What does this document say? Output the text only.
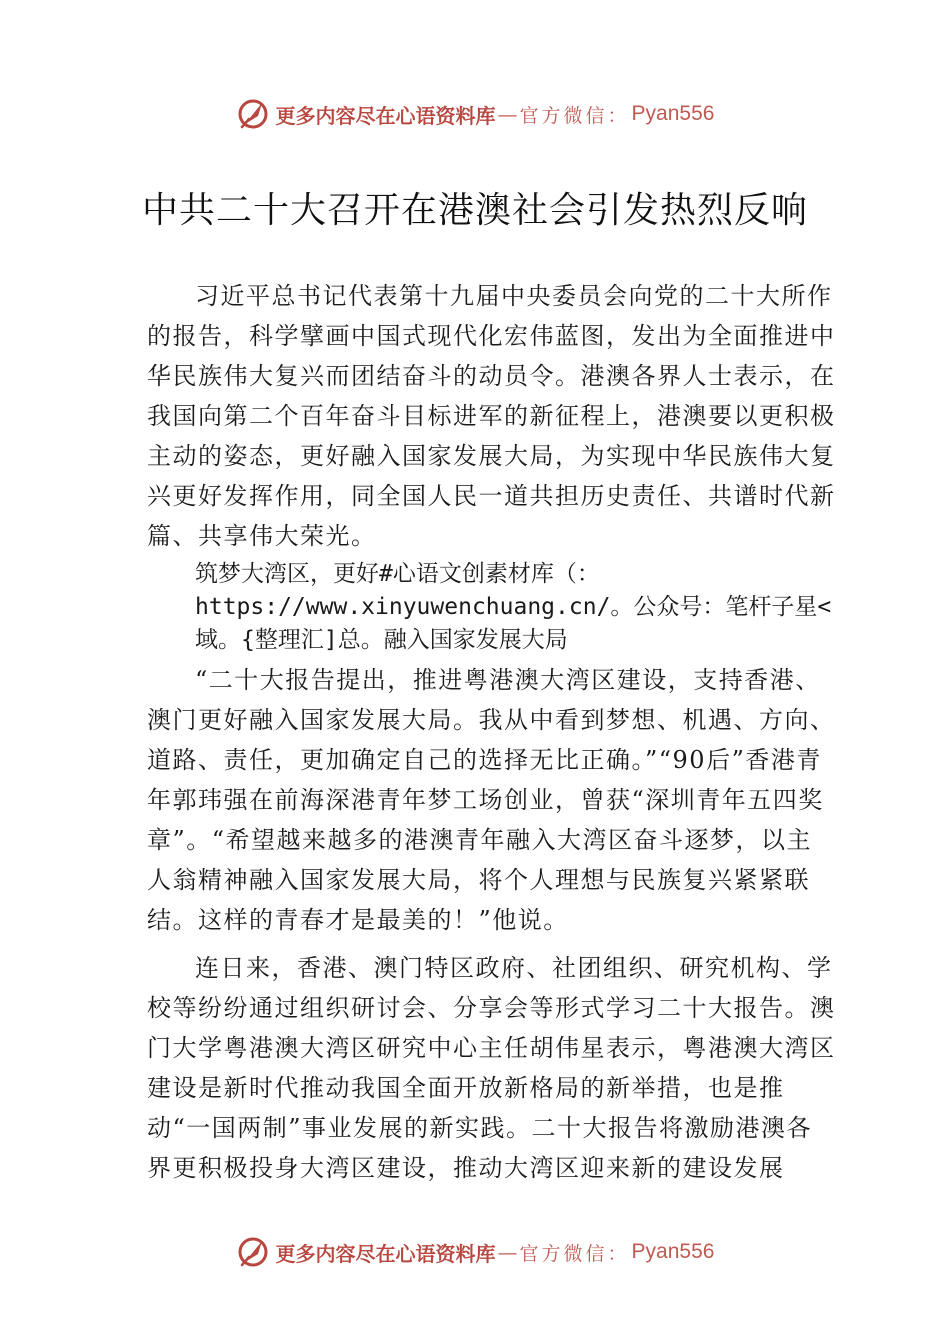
更多内容尽在心语资料库 — 官方微信： Pyan556
中共二十大召开在港澳社会引发热烈反响

习近平总书记代表第十九届中央委员会向党的二十大所作的报告，科学擘画中国式现代化宏伟蓝图，发出为全面推进中华民族伟大复兴而团结奋斗的动员令。港澳各界人士表示，在我国向第二个百年奋斗目标进军的新征程上，港澳要以更积极主动的姿态，更好融入国家发展大局，为实现中华民族伟大复兴更好发挥作用，同全国人民一道共担历史责任、共谱时代新篇、共享伟大荣光。

筑梦大湾区，更好#心语文创素材库（：https://www.xinyuwenchuang.cn/。公众号：笔杆子星<域。{整理汇]总。融入国家发展大局

“二十大报告提出，推进粤港澳大湾区建设，支持香港、澳门更好融入国家发展大局。我从中看到梦想、机遇、方向、道路、责任，更加确定自己的选择无比正确。”“90后”香港青年郭玮强在前海深港青年梦工场创业，曾获“深圳青年五四奖章”。“希望越来越多的港澳青年融入大湾区奋斗逐梦，以主人翁精神融入国家发展大局，将个人理想与民族复兴紧紧联结。这样的青春才是最美的！”他说。

连日来，香港、澳门特区政府、社团组织、研究机构、学校等纷纷通过组织研讨会、分享会等形式学习二十大报告。澳门大学粤港澳大湾区研究中心主任胡伟星表示，粤港澳大湾区建设是新时代推动我国全面开放新格局的新举措，也是推动“一国两制”事业发展的新实践。二十大报告将激励港澳各界更积极投身大湾区建设，推动大湾区迎来新的建设发展

更多内容尽在心语资料库 — 官方微信： Pyan556
